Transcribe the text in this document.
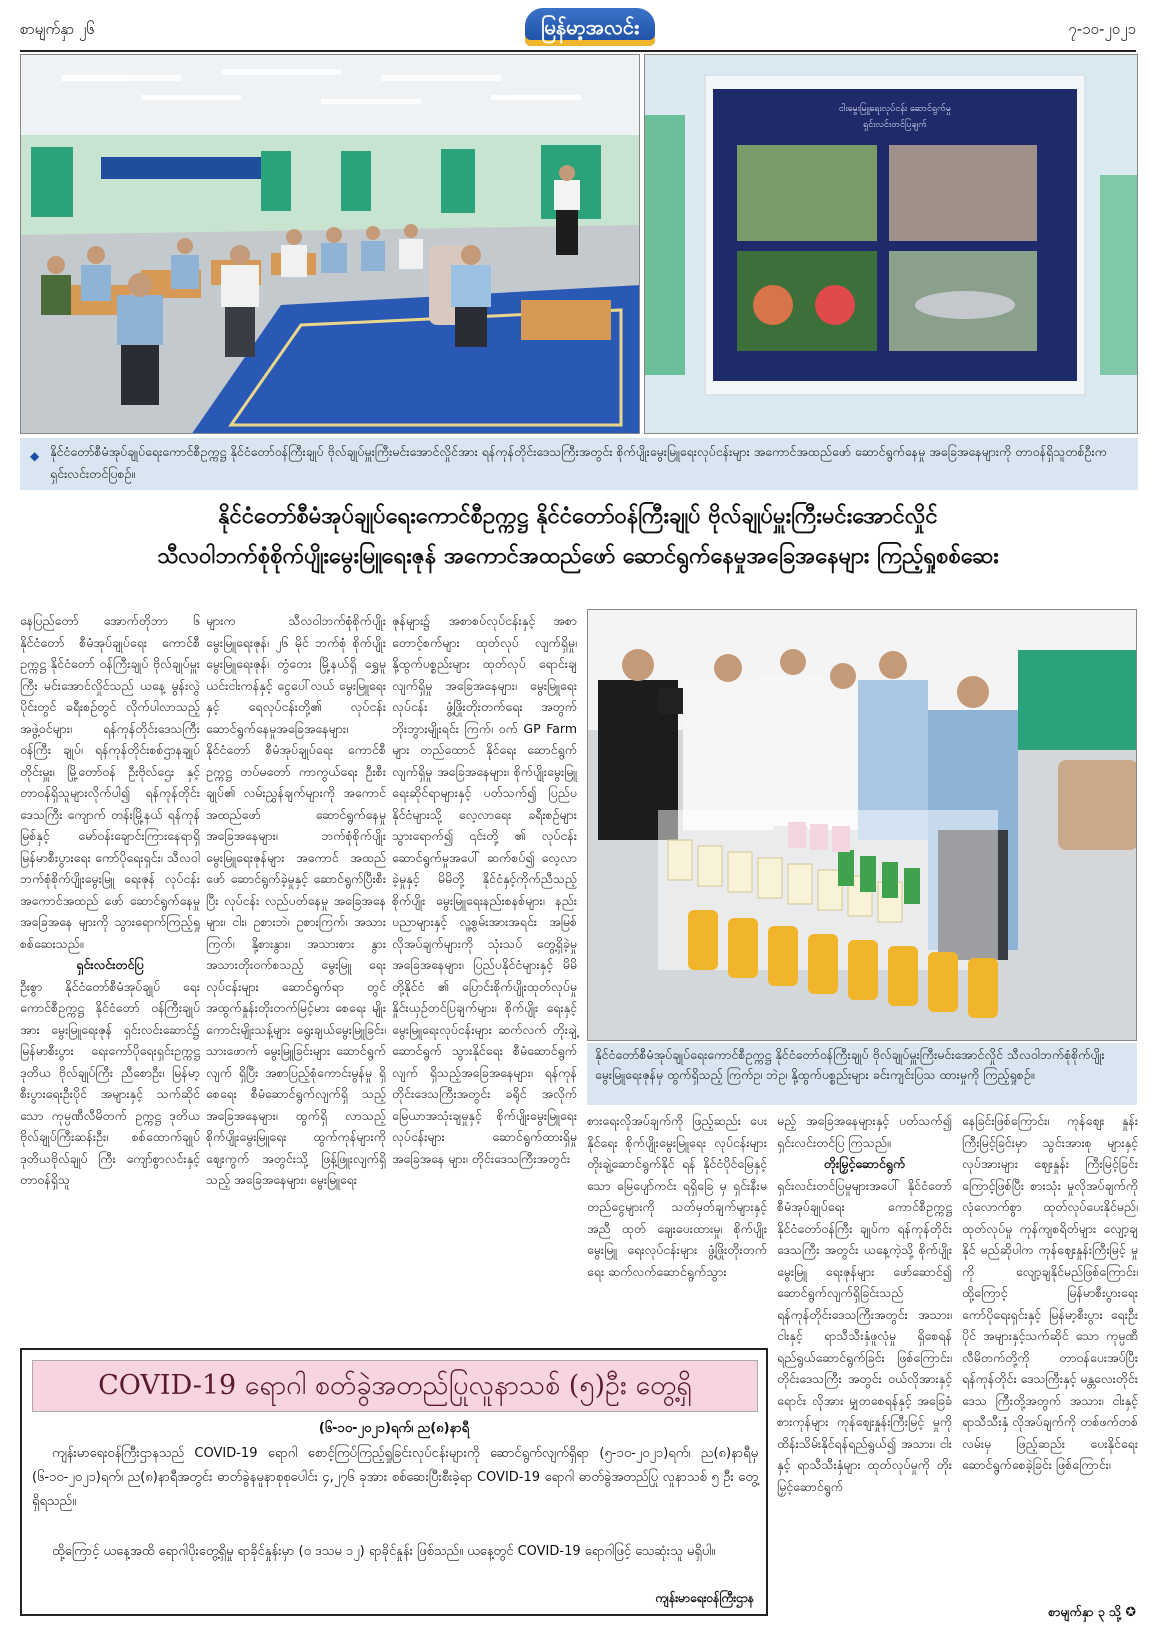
စာမျက်နှာ ၂၆	မြန်မာ့အလင်း	၇-၁၀-၂၀၂၁
ငါးမွေးမြူရေးလုပ်ငန်း ဆောင်ရွက်မှု
ရှင်းလင်းတင်ပြချက်
◆ နိုင်ငံတော်စီမံအုပ်ချုပ်ရေးကောင်စီဥက္ကဋ္ဌ နိုင်ငံတော်ဝန်ကြီးချုပ် ဗိုလ်ချုပ်မှူးကြီးမင်းအောင်လှိုင်အား ရန်ကုန်တိုင်းဒေသကြီးအတွင်း စိုက်ပျိုးမွေးမြူရေးလုပ်ငန်းများ အကောင်အထည်ဖော် ဆောင်ရွက်နေမှု အခြေအနေများကို တာဝန်ရှိသူတစ်ဦးက ရှင်းလင်းတင်ပြစဉ်။
နိုင်ငံတော်စီမံအုပ်ချုပ်ရေးကောင်စီဥက္ကဋ္ဌ နိုင်ငံတော်ဝန်ကြီးချုပ် ဗိုလ်ချုပ်မှူးကြီးမင်းအောင်လှိုင်
သီလဝါဘက်စုံစိုက်ပျိုးမွေးမြူရေးဇုန် အကောင်အထည်ဖော် ဆောင်ရွက်နေမှုအခြေအနေများ ကြည့်ရှုစစ်ဆေး

နေပြည်တော် အောက်တိုဘာ ၆ နိုင်ငံတော် စီမံအုပ်ချုပ်ရေး ကောင်စီဥက္ကဋ္ဌ နိုင်ငံတော် ဝန်ကြီးချုပ် ဗိုလ်ချုပ်မှူးကြီး မင်းအောင်လှိုင်သည် ယနေ့ မွန်းလွဲပိုင်းတွင် ခရီးစဉ်တွင် လိုက်ပါလာသည့် အဖွဲ့ဝင်များ၊ ရန်ကုန်တိုင်းဒေသကြီး ဝန်ကြီး ချုပ်၊ ရန်ကုန်တိုင်းစစ်ဌာနချုပ် တိုင်းမှူး၊ မြို့တော်ဝန် ဦးဗိုလ်ဌေး နှင့် တာဝန်ရှိသူများလိုက်ပါ၍ ရန်ကုန်တိုင်းဒေသကြီး ကျောက် တန်းမြို့နယ် ရန်ကုန်မြစ်နှင့် မော်ဝန်းချောင်းကြားနေရာရှိ မြန်မာစီးပွားရေး ကော်ပိုရေးရှင်း၊ သီလဝါ ဘက်စုံစိုက်ပျိုးမွေးမြူ ရေးဇုန် လုပ်ငန်းအကောင်အထည် ဖော် ဆောင်ရွက်နေမှုအခြေအနေ များကို သွားရောက်ကြည့်ရှု စစ်ဆေးသည်။

ရှင်းလင်းတင်ပြ

ဦးစွာ နိုင်ငံတော်စီမံအုပ်ချုပ် ရေးကောင်စီဥက္ကဋ္ဌ နိုင်ငံတော် ဝန်ကြီးချုပ်အား မွေးမြူရေးဇုန် ရှင်းလင်းဆောင်၌ မြန်မာစီးပွား ရေးကော်ပိုရေးရှင်းဥက္ကဋ္ဌ ဒုတိယ ဗိုလ်ချုပ်ကြီး ညီစောဦး၊ မြန်မာ့ စီးပွားရေးဦးပိုင် အများနှင့် သက်ဆိုင်သော ကုမ္ပဏီလီမိတက် ဥက္ကဋ္ဌ ဒုတိယဗိုလ်ချုပ်ကြီးဆန်းဦး၊ စစ်ထောက်ချုပ် ဒုတိယဗိုလ်ချုပ် ကြီး ကျော်စွာလင်းနှင့် တာဝန်ရှိသူ

များက သီလဝါဘက်စုံစိုက်ပျိုး မွေးမြူရေးဇုန်၊ ၂၆ မိုင် ဘက်စုံ စိုက်ပျိုးမွေးမြူရေးဇုန်၊ တွံတေး မြို့နယ်ရှိ ရွှေမူယင်းငါးကန်နှင့် ငွေပေါ်လယ် မွေးမြူရေးနှင့် ရေလုပ်ငန်းတို့၏ လုပ်ငန်း ဆောင်ရွက်နေမှုအခြေအနေများ၊ နိုင်ငံတော် စီမံအုပ်ချုပ်ရေး ကောင်စီဥက္ကဋ္ဌ တပ်မတော် ကာကွယ်ရေး ဦးစီးချုပ်၏ လမ်းညွှန်ချက်များကို အကောင် အထည်ဖော် ဆောင်ရွက်နေမှု အခြေအနေများ၊ ဘက်စုံစိုက်ပျိုး မွေးမြူရေးဇုန်များ အကောင် အထည်ဖော် ဆောင်ရွက်ခဲ့မှုနှင့် ဆောင်ရွက်ပြီးစီးပြီး လုပ်ငန်း လည်ပတ်နေမှု အခြေအနေများ၊ ငါး၊ ဥစားဘဲ၊ ဥစားကြက်၊ အသား ကြက်၊ နို့စားနွား၊ အသားစား နွားအသားတိုးဝက်စသည့် မွေးမြူ ရေးလုပ်ငန်းများ ဆောင်ရွက်ရာ တွင် အထွက်နှုန်းတိုးတက်မြင့်မား စေရေး မျိုးကောင်းမျိုးသန့်များ ရွေးချယ်မွေးမြူခြင်း၊ သားဖောက် မွေးမြူခြင်းများ ဆောင်ရွက်လျက် ရှိပြီး အစာပြည့်စုံကောင်းမွန်မှု ရှိစေရေး စီမံဆောင်ရွက်လျက်ရှိ သည့် အခြေအနေများ၊ ထွက်ရှိ လာသည့် စိုက်ပျိုးမွေးမြူရေး ထွက်ကုန်များကို ဈေးကွက် အတွင်းသို့ ဖြန့်ဖြူးလျက်ရှိသည့် အခြေအနေများ၊ မွေးမြူရေး

ဇုန်များ၌ အစာစပ်လုပ်ငန်းနှင့် အစာတောင့်စက်များ ထုတ်လုပ် လျက်ရှိမှု၊ နို့ထွက်ပစ္စည်းများ ထုတ်လုပ် ရောင်းချလျက်ရှိမှု အခြေအနေများ၊ မွေးမြူရေး လုပ်ငန်း ဖွံ့ဖြိုးတိုးတက်ရေး အတွက် ဘိုးဘွားမျိုးရင်း ကြက်၊ ဝက် GP Farm များ တည်ထောင် နိုင်ရေး ဆောင်ရွက်လျက်ရှိမှု အခြေအနေများ၊ စိုက်ပျိုးမွေးမြူ ရေးဆိုင်ရာများနှင့် ပတ်သက်၍ ပြည်ပနိုင်ငံများသို့ လေ့လာရေး ခရီးစဉ်များ သွားရောက်၍ ၎င်းတို့ ၏ လုပ်ငန်းဆောင်ရွက်မှုအပေါ် ဆက်စပ်၍ လေ့လာခဲ့မှုနှင့် မိမိတို့ နိုင်ငံနှင့်ကိုက်ညီသည့် စိုက်ပျိုး မွေးမြူရေးနည်းစနစ်များ၊ နည်း ပညာများနှင့် လူ့စွမ်းအားအရင်း အမြစ် လိုအပ်ချက်များကို သုံးသပ် တွေ့ရှိခဲ့မှု အခြေအနေများ၊ ပြည်ပနိုင်ငံများနှင့် မိမိတို့နိုင်ငံ ၏ ပြောင်းစိုက်ပျိုးထုတ်လုပ်မှု နှိုင်းယှဉ်တင်ပြချက်များ၊ စိုက်ပျိုး ရေးနှင့် မွေးမြူရေးလုပ်ငန်းများ ဆက်လက် တိုးချဲ့ဆောင်ရွက် သွားနိုင်ရေး စီမံဆောင်ရွက်လျက် ရှိသည့်အခြေအနေများ၊ ရန်ကုန် တိုင်းဒေသကြီးအတွင်း ခရိုင် အလိုက် မြေယာအသုံးချမှုနှင့် စိုက်ပျိုးမွေးမြူရေးလုပ်ငန်းများ ဆောင်ရွက်ထားရှိမှု အခြေအနေ များ၊ တိုင်းဒေသကြီးအတွင်း

နိုင်ငံတော်စီမံအုပ်ချုပ်ရေးကောင်စီဥက္ကဋ္ဌ နိုင်ငံတော်ဝန်ကြီးချုပ် ဗိုလ်ချုပ်မှူးကြီးမင်းအောင်လှိုင် သီလဝါဘက်စုံစိုက်ပျိုးမွေးမြူရေးဇုန်မှ ထွက်ရှိသည့် ကြက်ဥ၊ ဘဲဥ၊ နို့ထွက်ပစ္စည်းများ ခင်းကျင်းပြသ ထားမှုကို ကြည့်ရှုစဉ်။

စားရေးလိုအပ်ချက်ကို ဖြည့်ဆည်း ပေးနိုင်ရေး စိုက်ပျိုးမွေးမြူရေး လုပ်ငန်းများ တိုးချဲ့ဆောင်ရွက်နိုင် ရန် နိုင်ငံပိုင်မြေနှင့်သော မြေပျော်ကင်း ရရှိခြေ မှ ရှင်းနီးမတည်ငွေများကို သတ်မှတ်ချက်များနှင့်အညီ ထုတ် ချေးပေးထားမှု၊ စိုက်ပျိုးမွေးမြူ ရေးလုပ်ငန်းများ ဖွံ့ဖြိုးတိုးတက် ရေး ဆက်လက်ဆောင်ရွက်သွား

မည့် အခြေအနေများနှင့် ပတ်သက်၍ ရှင်းလင်းတင်ပြ ကြသည်။

တိုးမြှင့်ဆောင်ရွက်

ရှင်းလင်းတင်ပြမှုများအပေါ် နိုင်ငံတော် စီမံအုပ်ချုပ်ရေး ကောင်စီဥက္ကဋ္ဌ နိုင်ငံတော်ဝန်ကြီး ချုပ်က ရန်ကုန်တိုင်းဒေသကြီး အတွင်း ယနေ့ကဲ့သို့ စိုက်ပျိုးမွေးမြူ ရေးဇုန်များ ဖော်ဆောင်၍ ဆောင်ရွက်လျက်ရှိခြင်းသည် ရန်ကုန်တိုင်းဒေသကြီးအတွင်း အသား၊ ငါးနှင့် ရာသီသီးနှံဖူလုံမှု ရှိစေရန် ရည်ရွယ်ဆောင်ရွက်ခြင်း ဖြစ်ကြောင်း၊ တိုင်းဒေသကြီး အတွင်း ဝယ်လိုအားနှင့် ရောင်း လိုအား မျှတစေရန်နှင့် အခြေခံ စားကုန်များ ကုန်ဈေးနှုန်းကြီးမြင့် မှုကို ထိန်းသိမ်းနိုင်ရန်ရည်ရွယ်၍ အသား၊ ငါးနှင့် ရာသီသီးနှံများ ထုတ်လုပ်မှုကို တိုးမြှင့်ဆောင်ရွက်

နေခြင်းဖြစ်ကြောင်း၊ ကုန်ဈေး နှုန်းကြီးမြင့်ခြင်းမှာ သွင်းအားစု များနှင့် လုပ်အားများ ဈေးနှုန်း ကြီးမြင့်ခြင်းကြောင့်ဖြစ်ပြီး စားသုံး မှုလိုအပ်ချက်ကို လုံလောက်စွာ ထုတ်လုပ်ပေးနိုင်မည်၊ ထုတ်လုပ်မှု ကုန်ကျစရိတ်များ လျော့ချနိုင် မည်ဆိုပါက ကုန်ဈေးနှုန်းကြီးမြင့် မှုကို လျော့ချနိုင်မည်ဖြစ်ကြောင်း၊ ထို့ကြောင့် မြန်မာစီးပွားရေး ကော်ပိုရေးရှင်းနှင့် မြန်မာ့စီးပွား ရေးဦးပိုင် အများနှင့်သက်ဆိုင် သော ကုမ္ပဏီလီမိတက်တို့ကို တာဝန်ပေးအပ်ပြီး ရန်ကုန်တိုင်း ဒေသကြီးနှင့် မန္တလေးတိုင်းဒေသ ကြီးတို့အတွက် အသား၊ ငါးနှင့် ရာသီသီးနှံ လိုအပ်ချက်ကို တစ်ဖက်တစ်လမ်းမှ ဖြည့်ဆည်း ပေးနိုင်ရေး ဆောင်ရွက်စေခဲ့ခြင်း ဖြစ်ကြောင်း၊

COVID-19 ရောဂါ စတ်ခွဲအတည်ပြုလူနာသစ် (၅)ဦး တွေ့ရှိ
(၆-၁၀-၂၀၂၁)ရက်၊ ည(၈)နာရီ
ကျန်းမာရေးဝန်ကြီးဌာနသည် COVID-19 ရောဂါ စောင့်ကြပ်ကြည့်ရှုခြင်းလုပ်ငန်းများကို ဆောင်ရွက်လျက်ရှိရာ (၅-၁၀-၂၀၂၁)ရက်၊ ည(၈)နာရီမှ (၆-၁၀-၂၀၂၁)ရက်၊ ည(၈)နာရီအတွင်း ဓာတ်ခွဲနမူနာစုစုပေါင်း ၄,၂၇၆ ခုအား စစ်ဆေးပြီးစီးခဲ့ရာ COVID-19 ရောဂါ ဓာတ်ခွဲအတည်ပြု လူနာသစ် ၅ ဦး တွေ့ရှိရသည်။
ထို့ကြောင့် ယနေ့အထိ ရောဂါပိုးတွေ့ရှိမှု ရာခိုင်နှုန်းမှာ (၀ ဒသမ ၁၂) ရာခိုင်နှုန်း ဖြစ်သည်။ ယနေ့တွင် COVID-19 ရောဂါဖြင့် သေဆုံးသူ မရှိပါ။
ကျန်းမာရေးဝန်ကြီးဌာန
စာမျက်နှာ ၃ သို့ ✪
